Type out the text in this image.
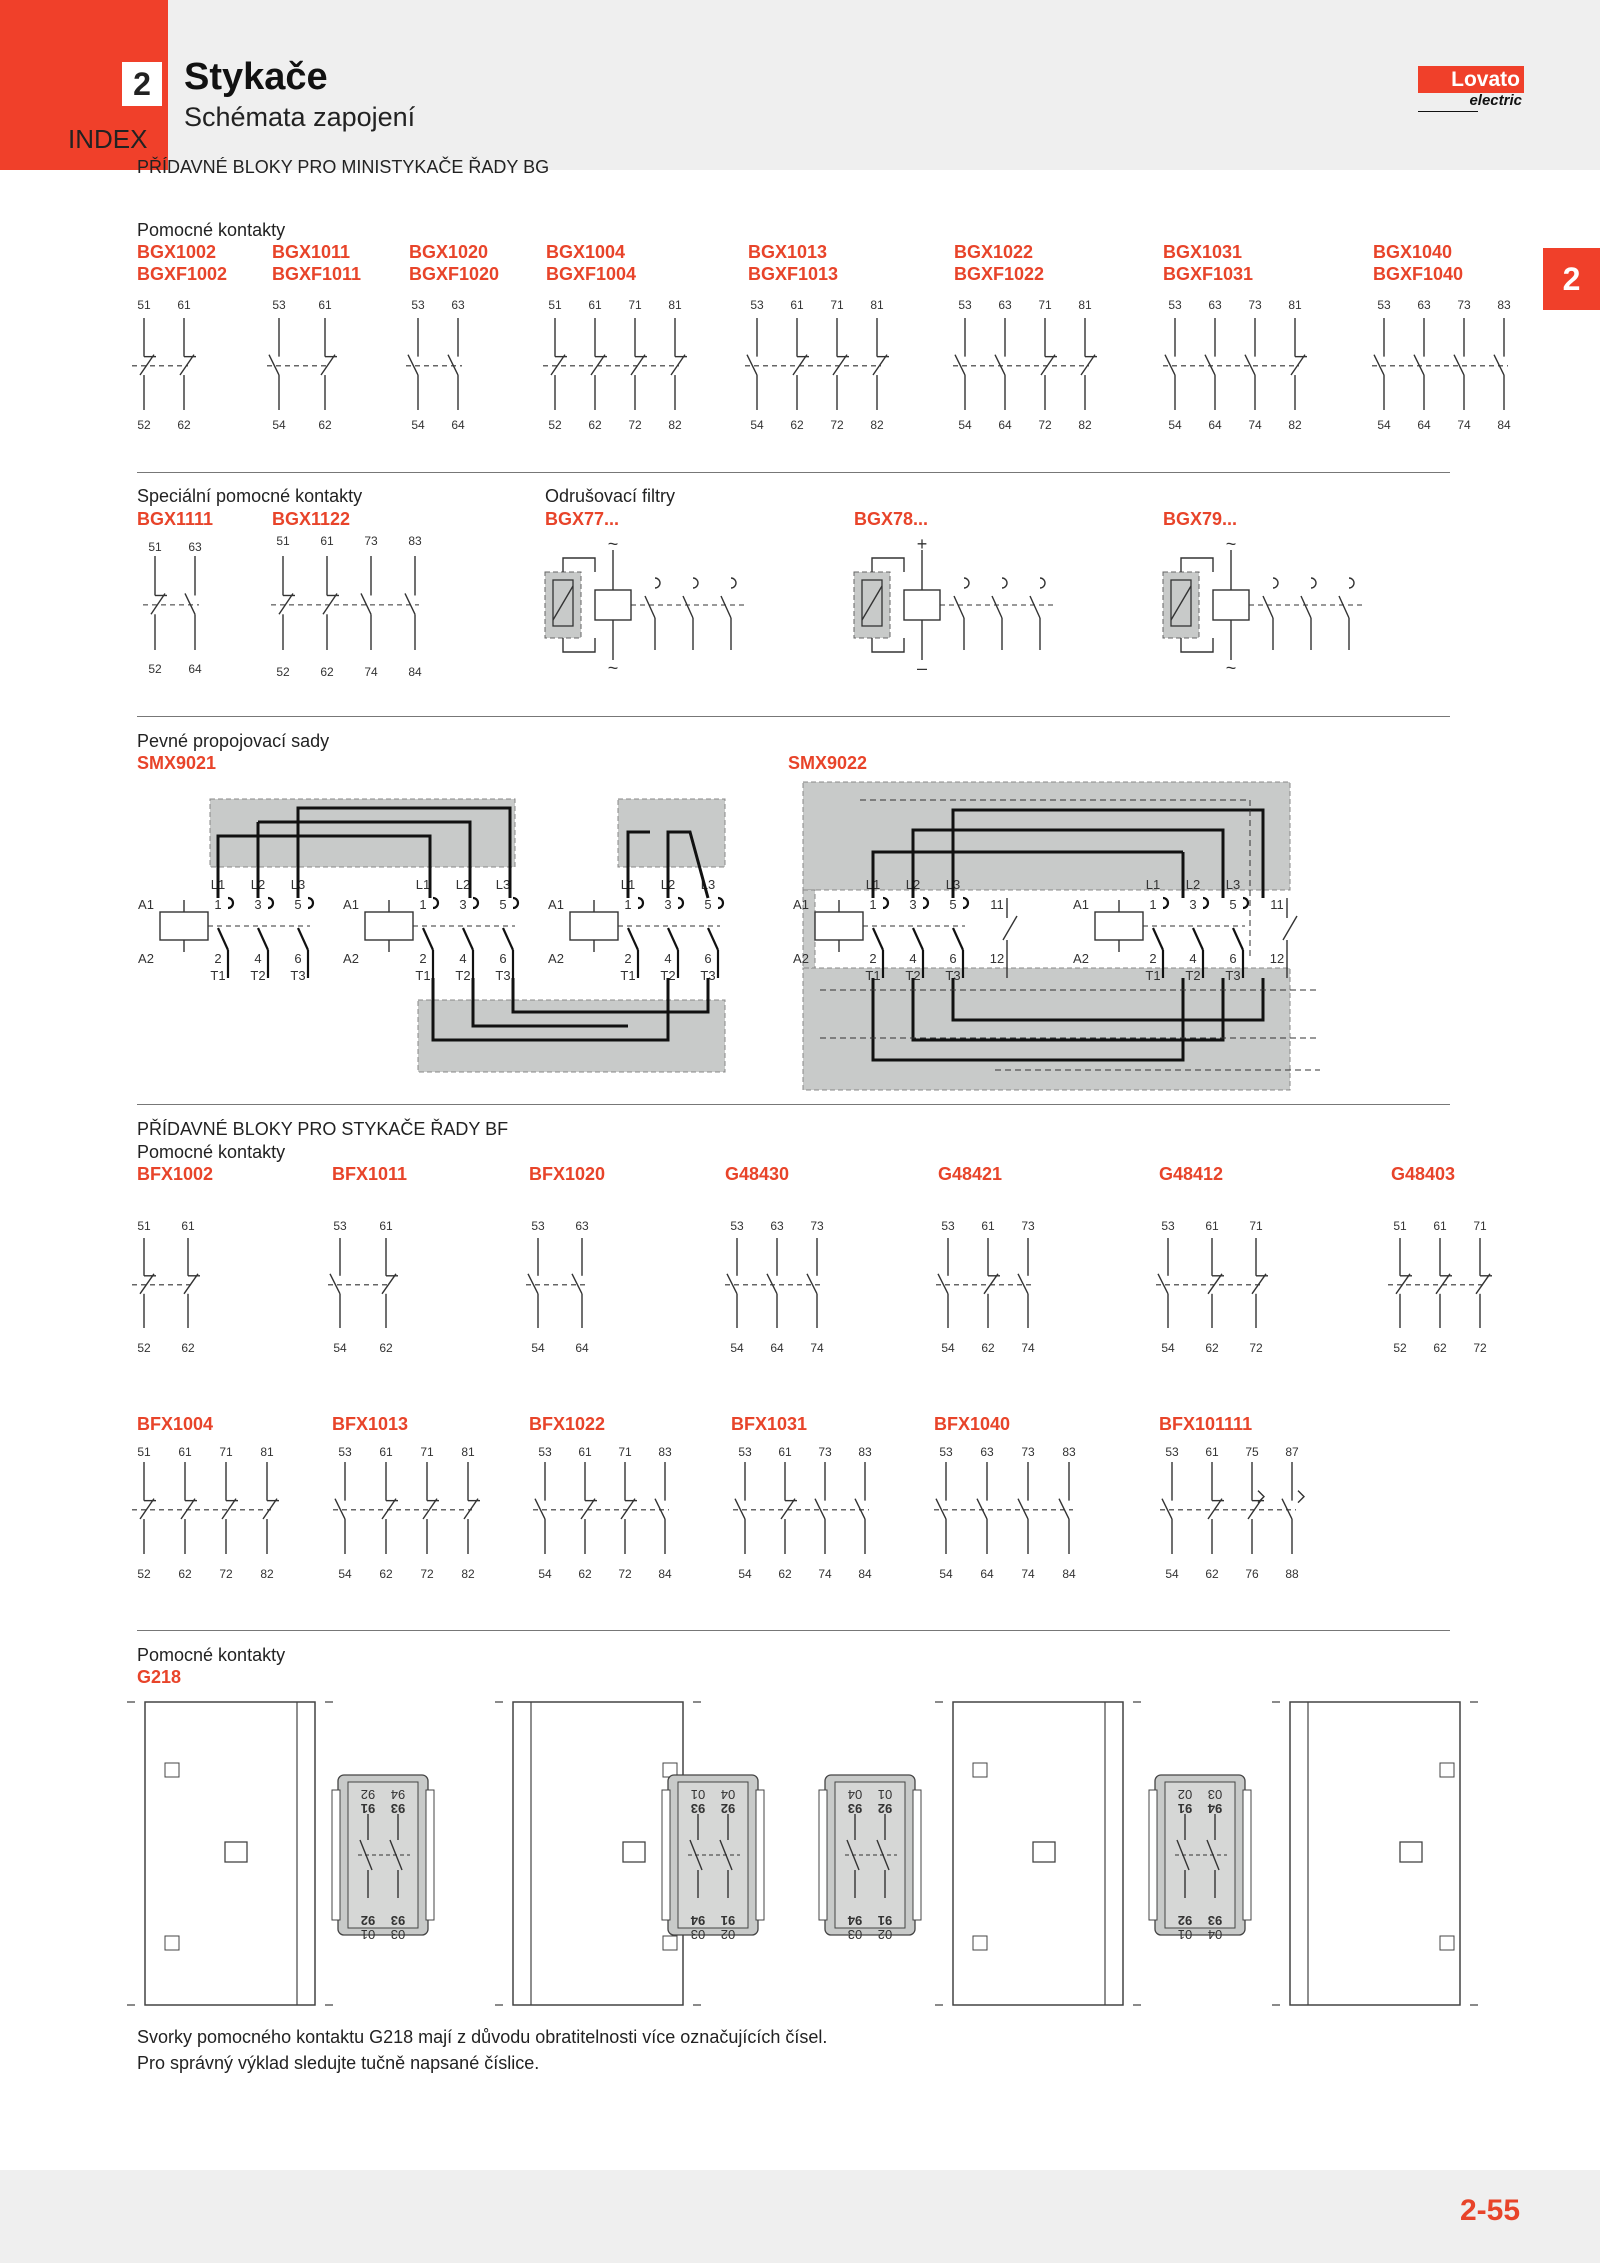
2
INDEX
Stykače
Schémata zapojení
Lovato
electric
2
PŘÍDAVNÉ BLOKY PRO MINISTYKAČE ŘADY BG
Pomocné kontakty
Speciální pomocné kontakty	Odrušovací filtry
Pevné propojovací sady
PŘÍDAVNÉ BLOKY PRO STYKAČE ŘADY BF
Pomocné kontakty
Pomocné kontakty
G218
BGX1002
BGXF1002
BGX1011
BGXF1011
BGX1020
BGXF1020
BGX1004
BGXF1004
BGX1013
BGXF1013
BGX1022
BGXF1022
BGX1031
BGXF1031
BGX1040
BGXF1040
BGX1111	BGX1122	BGX77...	BGX78...	BGX79...
SMX9021	SMX9022
BFX1002	BFX1011	BFX1020	G48430	G48421	G48412	G48403
BFX1004	BFX1013	BFX1022	BFX1031	BFX1040	BFX101111
51
52
61
62
53
54
61
62
53
54
63
64
51
52
61
62
71
72
81
82
53
54
61
62
71
72
81
82
53
54
63
64
71
72
81
82
53
54
63
64
73
74
81
82
53
54
63
64
73
74
83
84
51
52
63
64
51
52
61
62
73
74
83
84
~
~
+
–
~
~
A1
A2
L1
1
2
T1
L2
3
4
T2
L3
5
6
T3
A1
A2
L1
1
2
T1
L2
3
4
T2
L3
5
6
T3
A1
A2
L1
1
2
T1
L2
3
4
T2
L3
5
6
T3
A1
A2
L1
1
2
T1
L2
3
4
T2
L3
5
6
T3
11
12
A1
A2
L1
1
2
T1
L2
3
4
T2
L3
5
6
T3
11
12
51
52
61
62
53
54
61
62
53
54
63
64
53
54
63
64
73
74
53
54
61
62
73
74
53
54
61
62
71
72
51
52
61
62
71
72
51
52
61
62
71
72
81
82
53
54
61
62
71
72
81
82
53
54
61
62
71
72
83
84
53
54
61
62
73
74
83
84
53
54
63
64
73
74
83
84
53
54
61
62
75
76
87
88
92
91
92
01
94
93
93
03
01
93
94
03
04
92
91
02
04
93
94
03
01
92
91
02
02
91
92
01
03
94
93
04
Svorky pomocného kontaktu G218 mají z důvodu obratitelnosti více označujících čísel.
Pro správný výklad sledujte tučně napsané číslice.
2-55
